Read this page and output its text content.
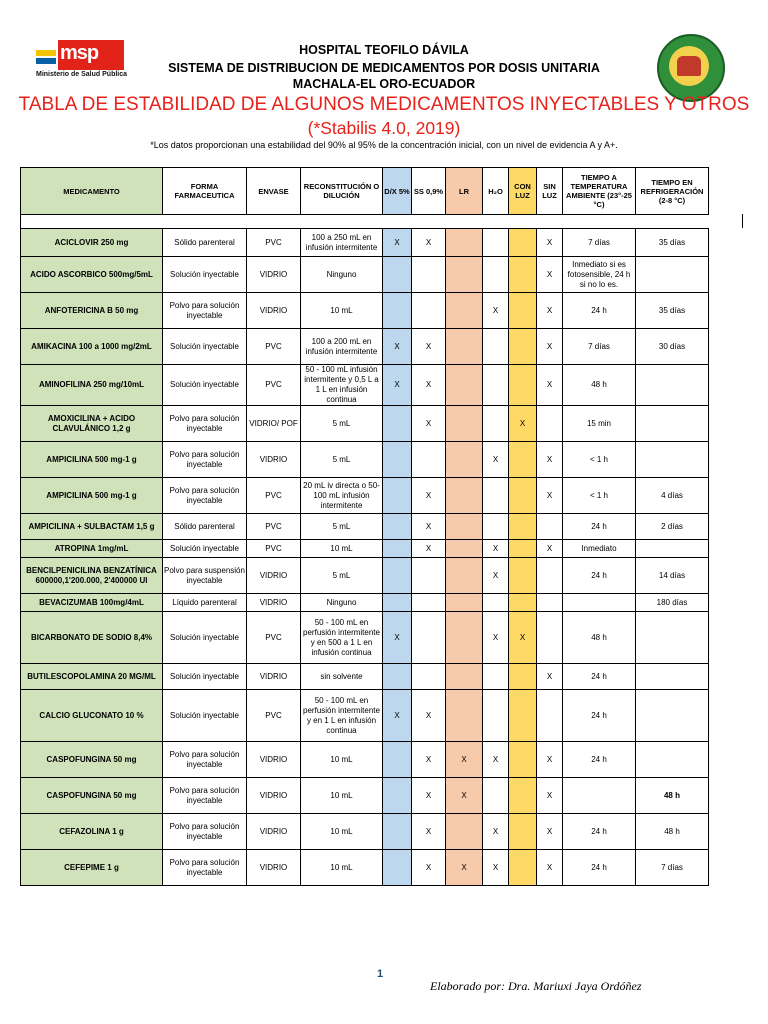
msp
Ministerio de Salud Pública
HOSPITAL TEOFILO DÁVILA
SISTEMA DE DISTRIBUCION DE MEDICAMENTOS POR DOSIS UNITARIA
MACHALA-EL ORO-ECUADOR
TABLA DE ESTABILIDAD DE ALGUNOS MEDICAMENTOS INYECTABLES Y OTROS
(*Stabilis 4.0, 2019)
*Los datos proporcionan una estabilidad del 90% al 95% de la concentración inicial, con un nivel de evidencia A y A+.
MEDICAMENTO	FORMA FARMACEUTICA	ENVASE	RECONSTITUCIÓN O DILUCIÓN	D/X 5%	SS 0,9%	LR	H₂O	CON LUZ	SIN LUZ	TIEMPO A TEMPERATURA AMBIENTE (23°-25 °C)	TIEMPO EN REFRIGERACIÓN (2-8 °C)
ACICLOVIR 250 mg	Sólido parenteral	PVC	100 a 250 mL en infusión intermitente	X	X				X	7 días	35 días
ACIDO ASCORBICO 500mg/5mL	Solución inyectable	VIDRIO	Ninguno						X	Inmediato si es fotosensible, 24 h si no lo es.	
ANFOTERICINA B 50 mg	Polvo para solución inyectable	VIDRIO	10 mL				X		X	24 h	35 días
AMIKACINA 100 a 1000 mg/2mL	Solución inyectable	PVC	100 a 200 mL en infusión intermitente	X	X				X	7 días	30 días
AMINOFILINA 250 mg/10mL	Solución inyectable	PVC	50 - 100 mL infusión intermitente y 0,5 L a 1 L en infusión continua	X	X				X	48 h	
AMOXICILINA + ACIDO CLAVULÁNICO 1,2 g	Polvo para solución inyectable	VIDRIO/ POF	5 mL		X			X		15 min	
AMPICILINA 500 mg-1 g	Polvo para solución inyectable	VIDRIO	5 mL				X		X	< 1 h	
AMPICILINA 500 mg-1 g	Polvo para solución inyectable	PVC	20 mL iv directa o 50-100 mL infusión intermitente		X				X	< 1 h	4 días
AMPICILINA + SULBACTAM 1,5 g	Sólido parenteral	PVC	5 mL		X					24 h	2 días
ATROPINA 1mg/mL	Solución inyectable	PVC	10 mL		X		X		X	Inmediato	
BENCILPENICILINA BENZATÍNICA 600000,1'200.000, 2'400000 UI	Polvo para suspensión inyectable	VIDRIO	5 mL				X			24 h	14 días
BEVACIZUMAB 100mg/4mL	Líquido parenteral	VIDRIO	Ninguno								180 días
BICARBONATO DE SODIO 8,4%	Solución inyectable	PVC	50 - 100 mL en perfusión intermitente y en 500 a 1 L en infusión continua	X			X	X		48 h	
BUTILESCOPOLAMINA 20 MG/ML	Solución inyectable	VIDRIO	sin solvente						X	24 h	
CALCIO GLUCONATO 10 %	Solución inyectable	PVC	50 - 100 mL en perfusión intermitente y en 1 L en infusión continua	X	X					24 h	
CASPOFUNGINA 50 mg	Polvo para solución inyectable	VIDRIO	10 mL		X	X	X		X	24 h	
CASPOFUNGINA 50 mg	Polvo para solución inyectable	VIDRIO	10 mL		X	X			X		48 h
CEFAZOLINA 1 g	Polvo para solución inyectable	VIDRIO	10 mL		X		X		X	24 h	48 h
CEFEPIME 1 g	Polvo para solución inyectable	VIDRIO	10 mL		X	X	X		X	24 h	7 días
1
Elaborado por: Dra. Mariuxi Jaya Ordóñez
